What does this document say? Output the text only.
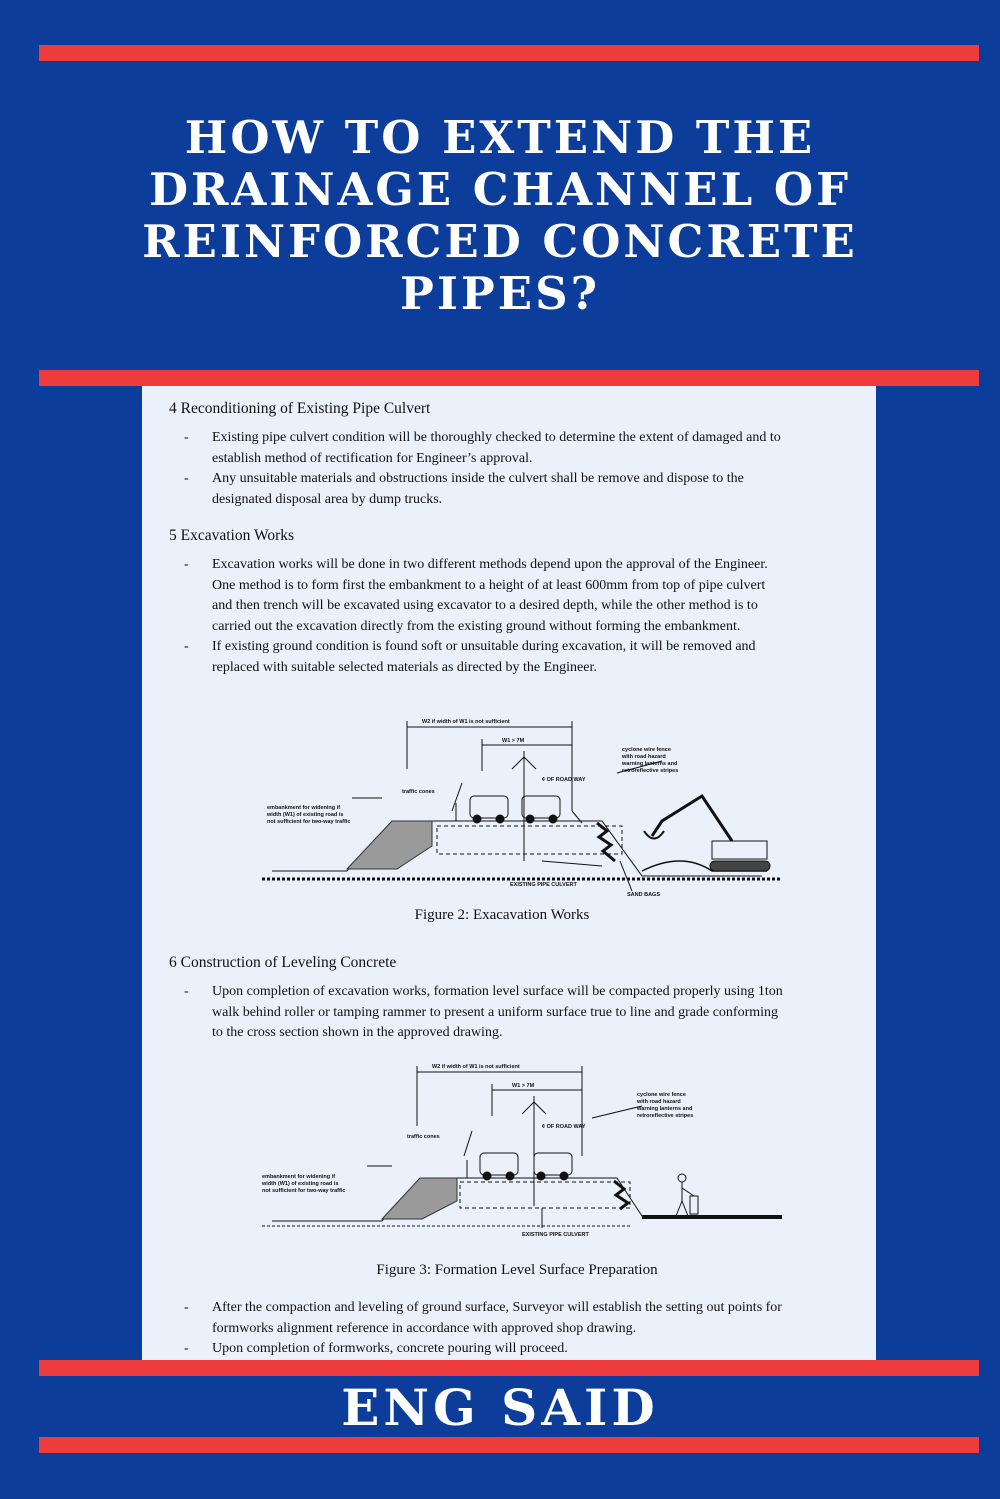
HOW TO EXTEND THE
DRAINAGE CHANNEL OF
REINFORCED CONCRETE
PIPES?
4 Reconditioning of Existing Pipe Culvert
-	Existing pipe culvert condition will be thoroughly checked to determine the extent of damaged and to
establish method of rectification for Engineer’s approval.
-	Any unsuitable materials and obstructions inside the culvert shall be remove and dispose to the
designated disposal area by dump trucks.
5 Excavation Works
-	Excavation works will be done in two different methods depend upon the approval of the Engineer.
One method is to form first the embankment to a height of at least 600mm from top of pipe culvert
and then trench will be excavated using excavator to a desired depth, while the other method is to
carried out the excavation directly from the existing ground without forming the embankment.
-	If existing ground condition is found soft or unsuitable during excavation, it will be removed and
replaced with suitable selected materials as directed by the Engineer.
W2 if width of W1 is not sufficient
W1 > 7M
¢ OF ROAD WAY
traffic cones
cyclone wire fence
with road hazard
warning lanterns and
retroreflective stripes
embankment for widening if
width (W1) of existing road is
not sufficient for two-way traffic
EXISTING PIPE CULVERT
SAND BAGS
Figure 2: Exacavation Works
6 Construction of Leveling Concrete
-	Upon completion of excavation works, formation level surface will be compacted properly using 1ton
walk behind roller or tamping rammer to present a uniform surface true to line and grade conforming
to the cross section shown in the approved drawing.
W2 if width of W1 is not sufficient
W1 > 7M
¢ OF ROAD WAY
traffic cones
cyclone wire fence
with road hazard
warning lanterns and
retroreflective stripes
embankment for widening if
width (W1) of existing road is
not sufficient for two-way traffic
EXISTING PIPE CULVERT
Figure 3: Formation Level Surface Preparation
-	After the compaction and leveling of ground surface, Surveyor will establish the setting out points for
formworks alignment reference in accordance with approved shop drawing.
-	Upon completion of formworks, concrete pouring will proceed.
ENG SAID
